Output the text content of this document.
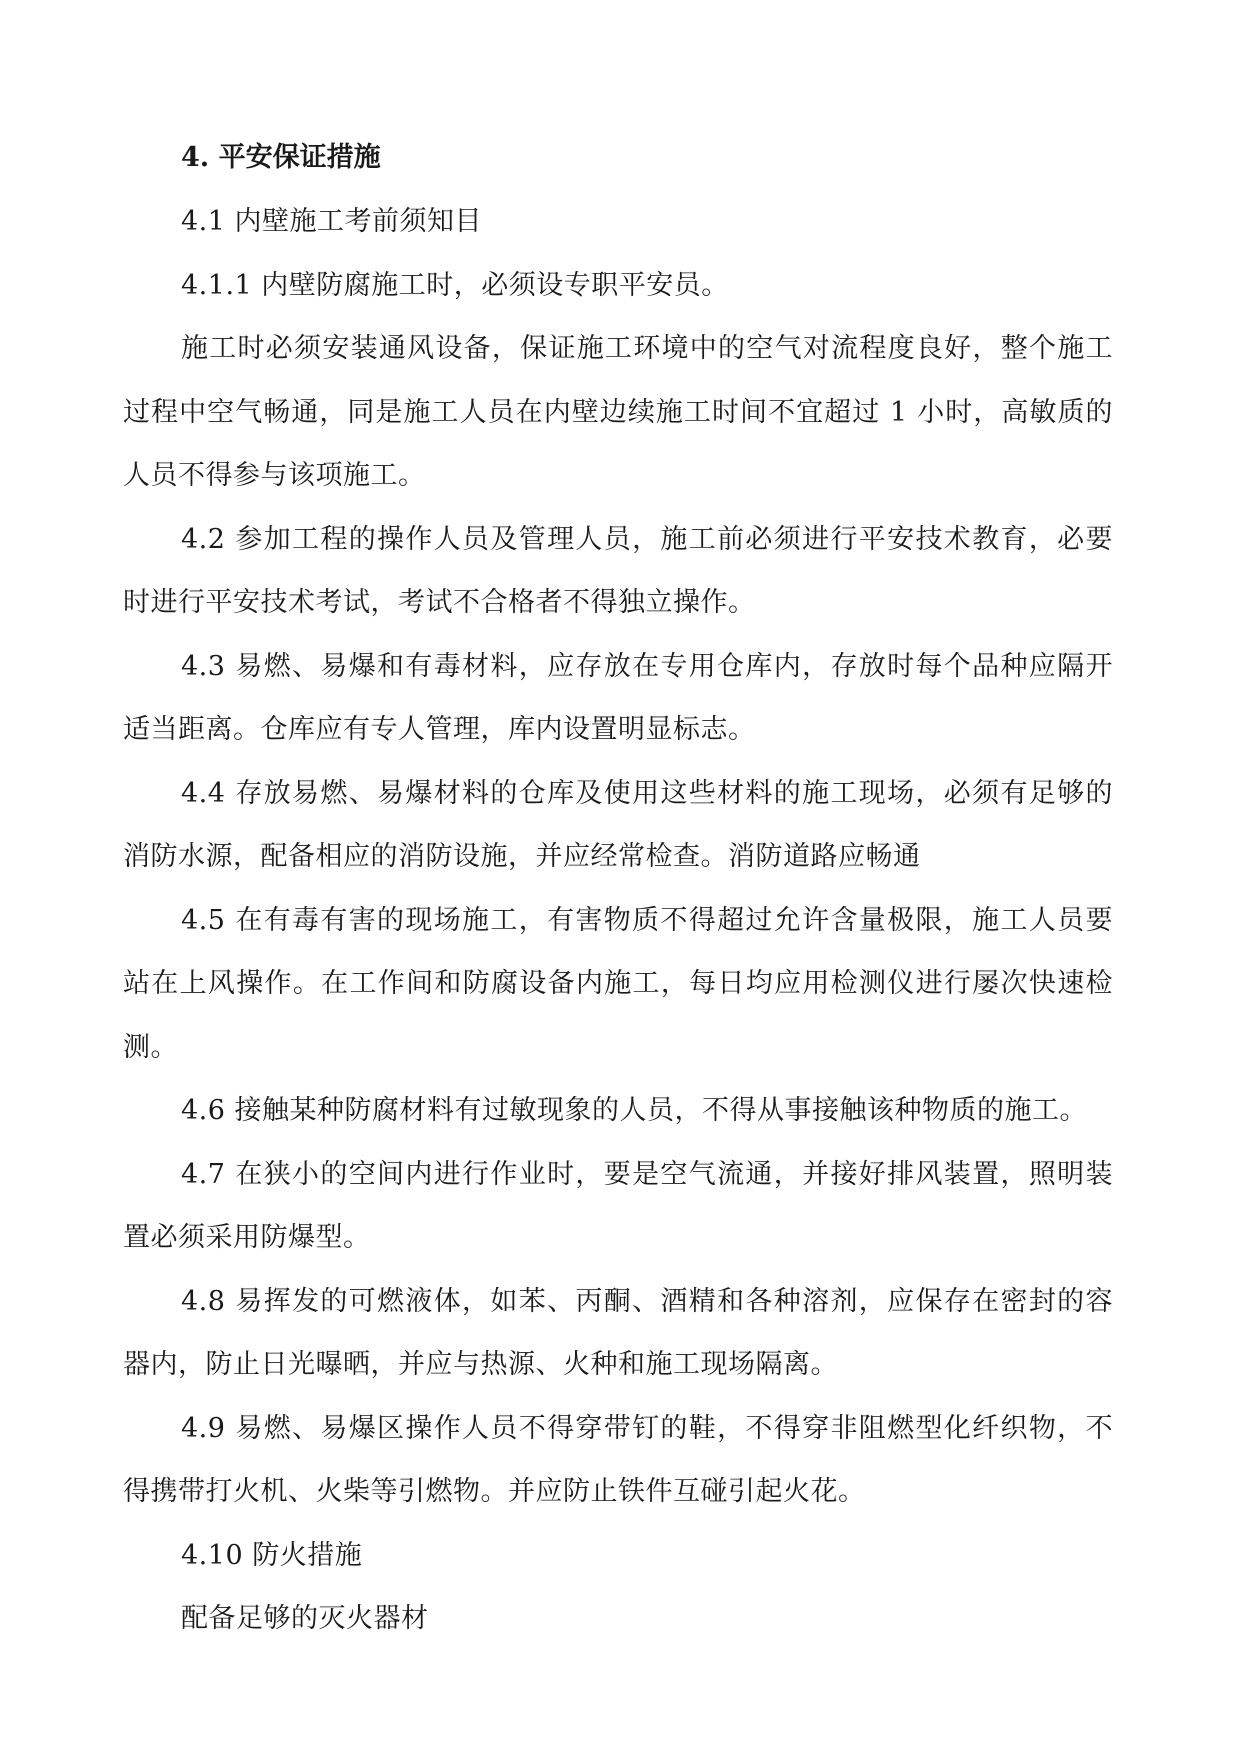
4. 平安保证措施

4.1 内壁施工考前须知目

4.1.1 内壁防腐施工时，必须设专职平安员。

施工时必须安装通风设备，保证施工环境中的空气对流程度良好，整个施工过程中空气畅通，同是施工人员在内壁边续施工时间不宜超过 1 小时，高敏质的人员不得参与该项施工。

4.2 参加工程的操作人员及管理人员，施工前必须进行平安技术教育，必要时进行平安技术考试，考试不合格者不得独立操作。

4.3 易燃、易爆和有毒材料，应存放在专用仓库内，存放时每个品种应隔开适当距离。仓库应有专人管理，库内设置明显标志。

4.4 存放易燃、易爆材料的仓库及使用这些材料的施工现场，必须有足够的消防水源，配备相应的消防设施，并应经常检查。消防道路应畅通

4.5 在有毒有害的现场施工，有害物质不得超过允许含量极限，施工人员要站在上风操作。在工作间和防腐设备内施工，每日均应用检测仪进行屡次快速检测。

4.6 接触某种防腐材料有过敏现象的人员，不得从事接触该种物质的施工。

4.7 在狭小的空间内进行作业时，要是空气流通，并接好排风装置，照明装置必须采用防爆型。

4.8 易挥发的可燃液体，如苯、丙酮、酒精和各种溶剂，应保存在密封的容器内，防止日光曝晒，并应与热源、火种和施工现场隔离。

4.9 易燃、易爆区操作人员不得穿带钉的鞋，不得穿非阻燃型化纤织物，不得携带打火机、火柴等引燃物。并应防止铁件互碰引起火花。

4.10 防火措施

配备足够的灭火器材
